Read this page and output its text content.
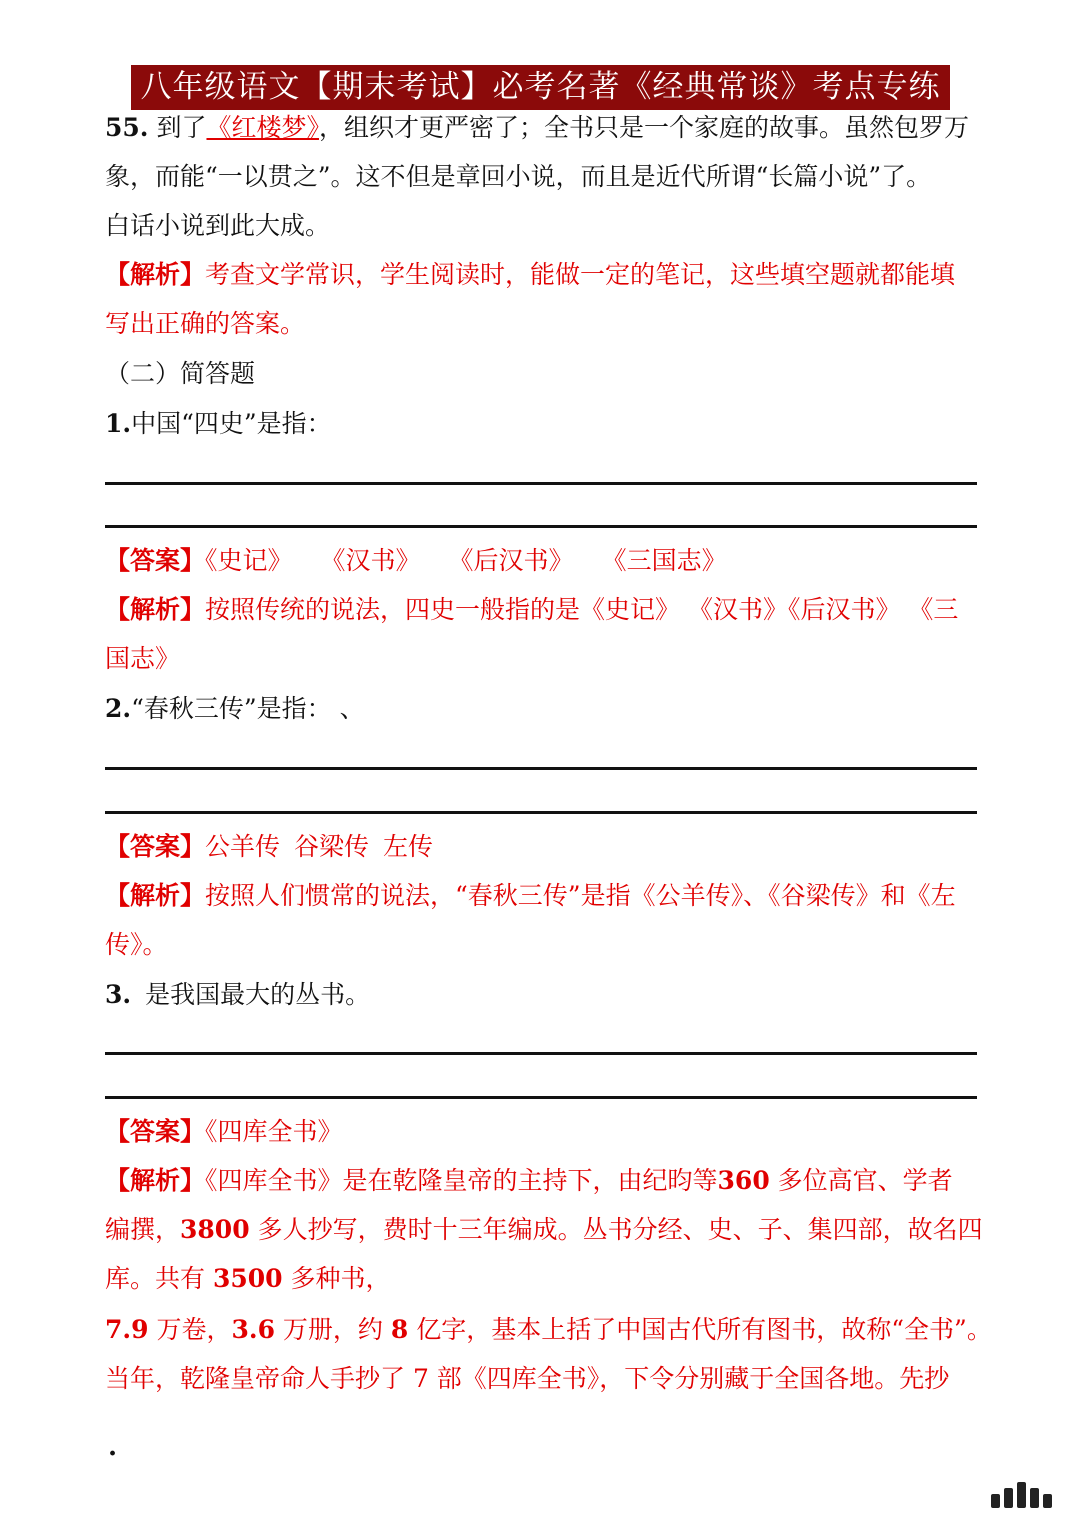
八年级语文【期末考试】必考名著《经典常谈》考点专练
55. 到了《红楼梦》，组织才更严密了；全书只是一个家庭的故事。虽然包罗万
象，而能“一以贯之”。这不但是章回小说，而且是近代所谓“长篇小说”了。
白话小说到此大成。
【解析】考查文学常识，学生阅读时，能做一定的笔记，这些填空题就都能填
写出正确的答案。
（二）简答题
1.中国“四史”是指：
【答案】《史记》 《汉书》 《后汉书》 《三国志》
【解析】按照传统的说法，四史一般指的是《史记》 《汉书》《后汉书》 《三
国志》
2.“春秋三传”是指： 、
【答案】公羊传 谷梁传 左传
【解析】按照人们惯常的说法，“春秋三传”是指《公羊传》、《谷梁传》和《左
传》。
3. 是我国最大的丛书。
【答案】《四库全书》
【解析】《四库全书》是在乾隆皇帝的主持下，由纪昀等360 多位高官、学者
编撰，3800 多人抄写，费时十三年编成。丛书分经、史、子、集四部，故名四
库。共有 3500 多种书，
7.9 万卷，3.6 万册，约 8 亿字，基本上括了中国古代所有图书，故称“全书”。
当年，乾隆皇帝命人手抄了 7 部《四库全书》，下令分别藏于全国各地。先抄
.
